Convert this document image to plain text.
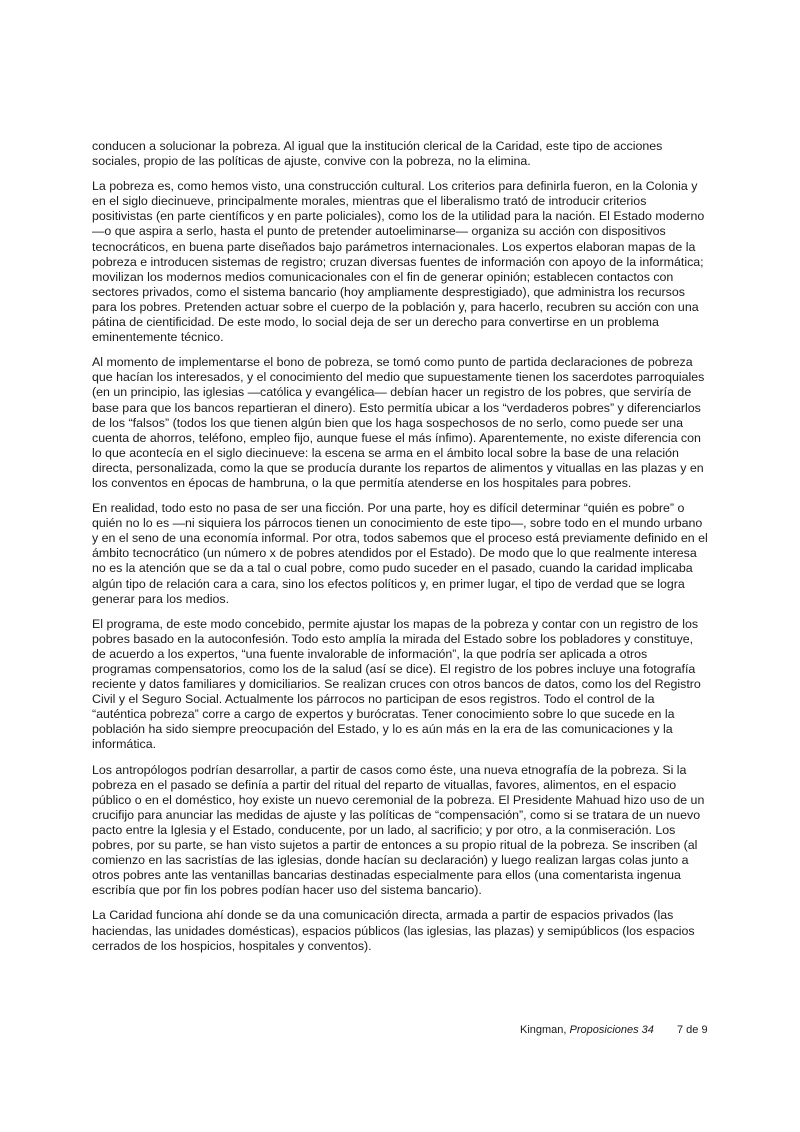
conducen a solucionar la pobreza. Al igual que la institución clerical de la Caridad, este tipo de acciones sociales, propio de las políticas de ajuste, convive con la pobreza, no la elimina.

La pobreza es, como hemos visto, una construcción cultural. Los criterios para definirla fueron, en la Colonia y en el siglo diecinueve, principalmente morales, mientras que el liberalismo trató de introducir criterios positivistas (en parte científicos y en parte policiales), como los de la utilidad para la nación. El Estado moderno —o que aspira a serlo, hasta el punto de pretender autoeliminarse— organiza su acción con dispositivos tecnocráticos, en buena parte diseñados bajo parámetros internacionales. Los expertos elaboran mapas de la pobreza e introducen sistemas de registro; cruzan diversas fuentes de información con apoyo de la informática; movilizan los modernos medios comunicacionales con el fin de generar opinión; establecen contactos con sectores privados, como el sistema bancario (hoy ampliamente desprestigiado), que administra los recursos para los pobres. Pretenden actuar sobre el cuerpo de la población y, para hacerlo, recubren su acción con una pátina de cientificidad. De este modo, lo social deja de ser un derecho para convertirse en un problema eminentemente técnico.

Al momento de implementarse el bono de pobreza, se tomó como punto de partida declaraciones de pobreza que hacían los interesados, y el conocimiento del medio que supuestamente tienen los sacerdotes parroquiales (en un principio, las iglesias —católica y evangélica— debían hacer un registro de los pobres, que serviría de base para que los bancos repartieran el dinero). Esto permitía ubicar a los “verdaderos pobres” y diferenciarlos de los “falsos” (todos los que tienen algún bien que los haga sospechosos de no serlo, como puede ser una cuenta de ahorros, teléfono, empleo fijo, aunque fuese el más ínfimo). Aparentemente, no existe diferencia con lo que acontecía en el siglo diecinueve: la escena se arma en el ámbito local sobre la base de una relación directa, personalizada, como la que se producía durante los repartos de alimentos y vituallas en las plazas y en los conventos en épocas de hambruna, o la que permitía atenderse en los hospitales para pobres.

En realidad, todo esto no pasa de ser una ficción. Por una parte, hoy es difícil determinar “quién es pobre” o quién no lo es —ni siquiera los párrocos tienen un conocimiento de este tipo—, sobre todo en el mundo urbano y en el seno de una economía informal. Por otra, todos sabemos que el proceso está previamente definido en el ámbito tecnocrático (un número x de pobres atendidos por el Estado). De modo que lo que realmente interesa no es la atención que se da a tal o cual pobre, como pudo suceder en el pasado, cuando la caridad implicaba algún tipo de relación cara a cara, sino los efectos políticos y, en primer lugar, el tipo de verdad que se logra generar para los medios.

El programa, de este modo concebido, permite ajustar los mapas de la pobreza y contar con un registro de los pobres basado en la autoconfesión. Todo esto amplía la mirada del Estado sobre los pobladores y constituye, de acuerdo a los expertos, “una fuente invalorable de información”, la que podría ser aplicada a otros programas compensatorios, como los de la salud (así se dice). El registro de los pobres incluye una fotografía reciente y datos familiares y domiciliarios. Se realizan cruces con otros bancos de datos, como los del Registro Civil y el Seguro Social. Actualmente los párrocos no participan de esos registros. Todo el control de la “auténtica pobreza” corre a cargo de expertos y burócratas. Tener conocimiento sobre lo que sucede en la población ha sido siempre preocupación del Estado, y lo es aún más en la era de las comunicaciones y la informática.

Los antropólogos podrían desarrollar, a partir de casos como éste, una nueva etnografía de la pobreza. Si la pobreza en el pasado se definía a partir del ritual del reparto de vituallas, favores, alimentos, en el espacio público o en el doméstico, hoy existe un nuevo ceremonial de la pobreza. El Presidente Mahuad hizo uso de un crucifijo para anunciar las medidas de ajuste y las políticas de “compensación”, como si se tratara de un nuevo pacto entre la Iglesia y el Estado, conducente, por un lado, al sacrificio; y por otro, a la conmiseración. Los pobres, por su parte, se han visto sujetos a partir de entonces a su propio ritual de la pobreza. Se inscriben (al comienzo en las sacristías de las iglesias, donde hacían su declaración) y luego realizan largas colas junto a otros pobres ante las ventanillas bancarias destinadas especialmente para ellos (una comentarista ingenua escribía que por fin los pobres podían hacer uso del sistema bancario).

La Caridad funciona ahí donde se da una comunicación directa, armada a partir de espacios privados (las haciendas, las unidades domésticas), espacios públicos (las iglesias, las plazas) y semipúblicos (los espacios cerrados de los hospicios, hospitales y conventos).

Kingman, Proposiciones 34 7 de 9
